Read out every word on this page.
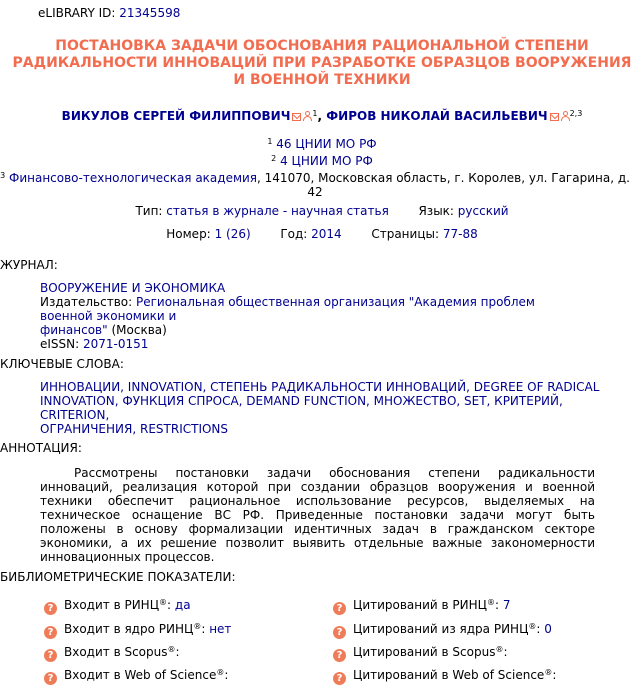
eLIBRARY ID: 21345598
ПОСТАНОВКА ЗАДАЧИ ОБОСНОВАНИЯ РАЦИОНАЛЬНОЙ СТЕПЕНИ
РАДИКАЛЬНОСТИ ИННОВАЦИЙ ПРИ РАЗРАБОТКЕ ОБРАЗЦОВ ВООРУЖЕНИЯ
И ВОЕННОЙ ТЕХНИКИ
ВИКУЛОВ СЕРГЕЙ ФИЛИППОВИЧ	$^1$, ФИРОВ НИКОЛАЙ ВАСИЛЬЕВИЧ	$^{2,3}$
$^1$ 46 ЦНИИ МО РФ
$^2$ 4 ЦНИИ МО РФ
$^3$ Финансово-технологическая академия, 141070, Московская область, г. Королев, ул. Гагарина, д. 42
Тип: статья в журнале - научная статья Язык: русский
Номер: 1 (26) Год: 2014 Страницы: 77-88
ЖУРНАЛ:
ВООРУЖЕНИЕ И ЭКОНОМИКА
Издательство: Региональная общественная организация "Академия проблем военной экономики и
финансов" (Москва)
eISSN: 2071-0151
КЛЮЧЕВЫЕ СЛОВА:
ИННОВАЦИИ, INNOVATION, СТЕПЕНЬ РАДИКАЛЬНОСТИ ИННОВАЦИЙ, DEGREE OF RADICAL
INNOVATION, ФУНКЦИЯ СПРОСА, DEMAND FUNCTION, МНОЖЕСТВО, SET, КРИТЕРИЙ, CRITERION,
ОГРАНИЧЕНИЯ, RESTRICTIONS
АННОТАЦИЯ:
Рассмотрены постановки задачи обоснования степени радикальности инноваций, реализация которой при создании образцов вооружения и военной техники обеспечит рациональное использование ресурсов, выделяемых на техническое оснащение ВС РФ. Приведенные постановки задачи могут быть положены в основу формализации идентичных задач в гражданском секторе экономики, а их решение позволит выявить отдельные важные закономерности инновационных процессов.
БИБЛИОМЕТРИЧЕСКИЕ ПОКАЗАТЕЛИ:
? Входит в РИНЦ®: да
? Входит в ядро РИНЦ®: нет
? Входит в Scopus®:
? Входит в Web of Science®:
? Цитирований в РИНЦ®: 7
? Цитирований из ядра РИНЦ®: 0
? Цитирований в Scopus®:
? Цитирований в Web of Science®:
